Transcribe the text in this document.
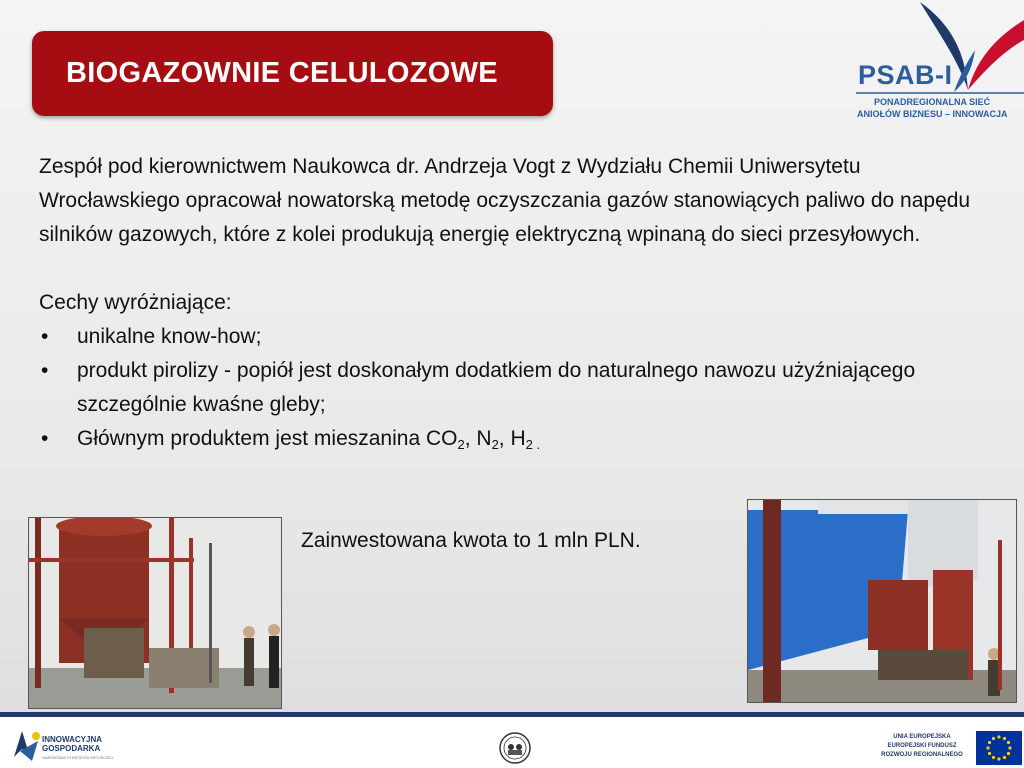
BIOGAZOWNIE CELULOZOWE	PSAB-I
PONADREGIONALNA SIEĆ
ANIOŁÓW BIZNESU – INNOWACJA

Zespół pod kierownictwem Naukowca dr. Andrzeja Vogt z Wydziału Chemii Uniwersytetu Wrocławskiego opracował nowatorską metodę oczyszczania gazów stanowiących paliwo do napędu silników gazowych, które z kolei produkują energię elektryczną wpinaną do sieci przesyłowych.

Cechy wyróżniające:

• unikalne know-how;
• produkt pirolizy - popiół jest doskonałym dodatkiem do naturalnego nawozu użyźniającego szczególnie kwaśne gleby;
• Głównym produktem jest mieszanina $CO_2$, $N_2$, $H_{2 .}$
Zainwestowana kwota to 1 mln PLN.
INNOWACYJNA
GOSPODARKA
NARODOWA STRATEGIA SPÓJNOŚCI
UNIA EUROPEJSKA
EUROPEJSKI FUNDUSZ
ROZWOJU REGIONALNEGO
